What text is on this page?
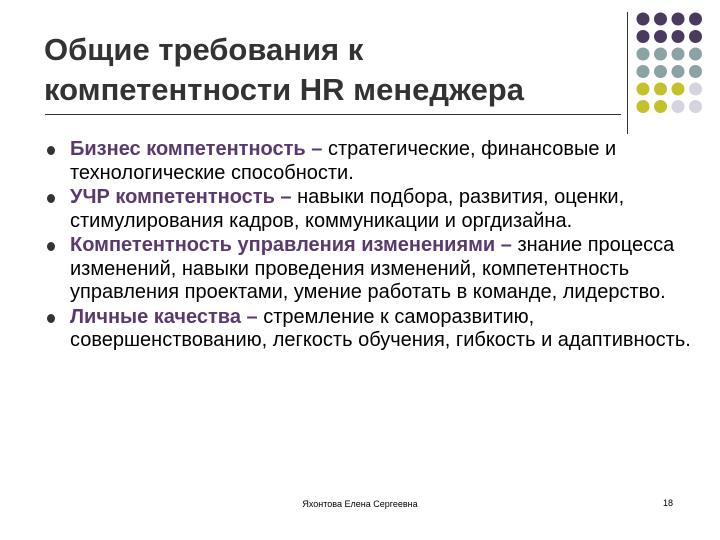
Общие требования к
компетентности HR менеджера
Бизнес компетентность – стратегические, финансовые и технологические способности.
УЧР компетентность – навыки подбора, развития, оценки, стимулирования кадров, коммуникации и оргдизайна.
Компетентность управления изменениями – знание процесса изменений, навыки проведения изменений, компетентность управления проектами, умение работать в команде, лидерство.
Личные качества – стремление к саморазвитию, совершенствованию, легкость обучения, гибкость и адаптивность.
Яхонтова Елена Сергеевна	18
